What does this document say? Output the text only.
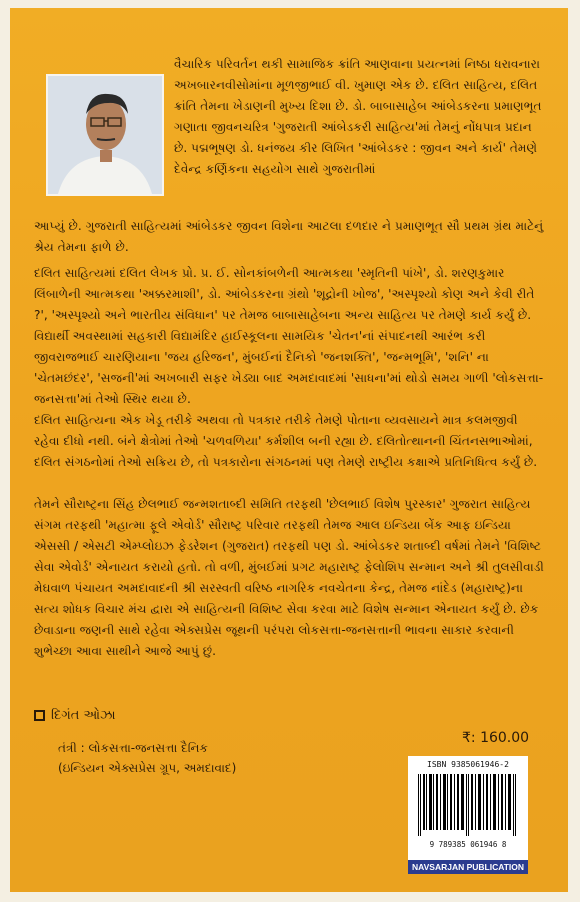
વૈચારિક પરિવર્તન થકી સામાજિક ક્રાંતિ આણવાના પ્રયત્નમાં નિષ્ઠા ધરાવનારા અખબારનવીસોમાંના મૂળજીભાઈ વી. ખુમાણ એક છે. દલિત સાહિત્ય, દલિત ક્રાંતિ તેમના ખેડાણની મુખ્ય દિશા છે. ડો. બાબાસાહેબ આંબેડકરના પ્રમાણભૂત ગણાતા જીવનચરિત્ર 'ગુજરાતી આંબેડકરી સાહિત્ય'માં તેમનું નોંધપાત્ર પ્રદાન છે. પદ્મભૂષણ ડો. ધનંજય કીર લિખિત 'આંબેડકર : જીવન અને કાર્ય' તેમણે દેવેન્દ્ર કર્ણિકના સહયોગ સાથે ગુજરાતીમાં

આપ્યું છે. ગુજરાતી સાહિત્યમાં આંબેડકર જીવન વિશેના આટલા દળદાર ને પ્રમાણભૂત સૌ પ્રથમ ગ્રંથ માટેનું શ્રેય તેમના ફાળે છે.

દલિત સાહિત્યમાં દલિત લેખક પ્રો. પ્ર. ઈ. સોનકાંબળેની આત્મકથા 'સ્મૃતિની પાંખે', ડો. શરણકુમાર લિંબાળેની આત્મકથા 'અક્કરમાશી', ડો. આંબેડકરના ગ્રંથો 'શૂદ્રોની ખોજ', 'અસ્પૃશ્યો કોણ અને કેવી રીતે ?', 'અસ્પૃશ્યો અને ભારતીય સંવિધાન' પર તેમજ બાબાસાહેબના અન્ય સાહિત્ય પર તેમણે કાર્ય કર્યું છે.

વિદ્યાર્થી અવસ્થામાં સહકારી વિદ્યામંદિર હાઈસ્કૂલના સામયિક 'ચેતન'નાં સંપાદનથી આરંભ કરી જીવરાજભાઈ ચારણિયાના 'જય હરિજન', મુંબઈનાં દૈનિકો 'જનશક્તિ', 'જન્મભૂમિ', 'શનિ' ના 'ચેતમછંદર', 'સજની'માં અખબારી સફર ખેડ્યા બાદ અમદાવાદમાં 'સાધના'માં થોડો સમય ગાળી 'લોકસત્તા-જનસત્તા'માં તેઓ સ્થિર થયા છે.

દલિત સાહિત્યના એક ખેડૂ તરીકે અથવા તો પત્રકાર તરીકે તેમણે પોતાના વ્યવસાયને માત્ર કલમજીવી રહેવા દીધો નથી. બંને ક્ષેત્રોમાં તેઓ 'ચળવળિયા' કર્મશીલ બની રહ્યા છે. દલિતોત્થાનની ચિંતનસભાઓમાં, દલિત સંગઠનોમાં તેઓ સક્રિય છે, તો પત્રકારોના સંગઠનમાં પણ તેમણે રાષ્ટ્રીય કક્ષાએ પ્રતિનિધિત્વ કર્યું છે.

તેમને સૌરાષ્ટ્રના સિંહ છેલભાઈ જન્મશતાબ્દી સમિતિ તરફથી 'છેલભાઈ વિશેષ પુરસ્કાર' ગુજરાત સાહિત્ય સંગમ તરફથી 'મહાત્મા ફૂલે એવોર્ડ' સૌરાષ્ટ્ર પરિવાર તરફથી તેમજ આલ ઇન્ડિયા બેંક આફ ઇન્ડિયા એસસી / એસટી એમ્પ્લોઇઝ ફેડરેશન (ગુજરાત) તરફથી પણ ડો. આંબેડકર શતાબ્દી વર્ષમાં તેમને 'વિશિષ્ટ સેવા એવોર્ડ' એનાયત કરાયો હતો. તો વળી, મુંબઈમાં પ્રગટ મહારાષ્ટ્ર ફેલોશિપ સન્માન અને શ્રી તુલસીવાડી મેઘવાળ પંચાયત અમદાવાદની શ્રી સરસ્વતી વરિષ્ઠ નાગરિક નવચેતના કેન્દ્ર, તેમજ નાંદેડ (મહારાષ્ટ્ર)ના સત્ય શોધક વિચાર મંચ દ્વારા એ સાહિત્યની વિશિષ્ટ સેવા કરવા માટે વિશેષ સન્માન એનાયત કર્યું છે. છેક છેવાડાના જણની સાથે રહેવા એક્સપ્રેસ જૂથની પરંપરા લોકસત્તા-જનસત્તાની ભાવના સાકાર કરવાની શુભેચ્છા આવા સાથીને આજે આપું છું.

દિગંત ઓઝા
તંત્રી : લોકસત્તા-જનસત્તા દૈનિક
(ઇન્ડિયન એક્સપ્રેસ ગ્રૂપ, અમદાવાદ)
₹: 160.00
ISBN 9385061946-2
9 789385 061946 8
NAVSARJAN PUBLICATION
